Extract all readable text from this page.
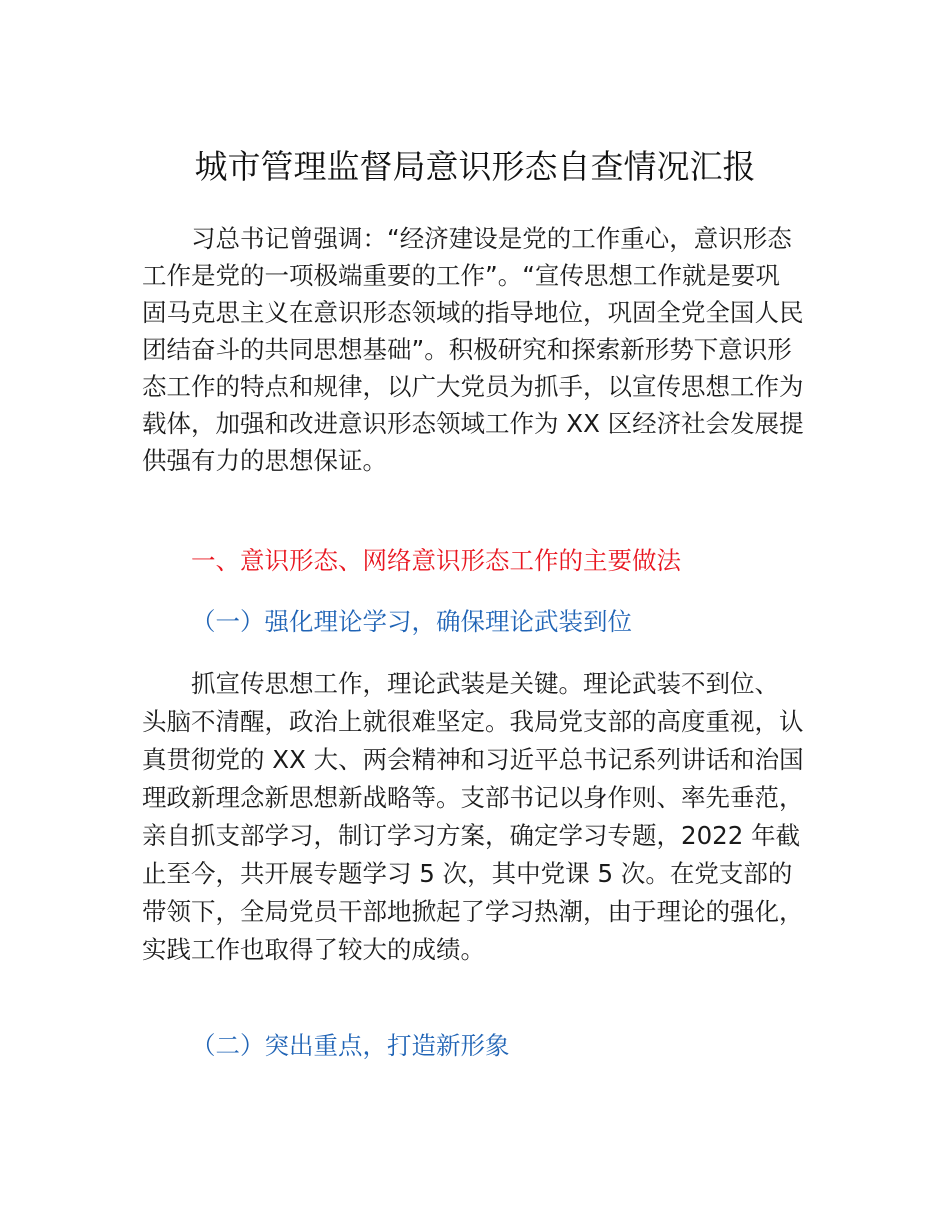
城市管理监督局意识形态自查情况汇报
习总书记曾强调：“经济建设是党的工作重心，意识形态
工作是党的一项极端重要的工作”。“宣传思想工作就是要巩
固马克思主义在意识形态领域的指导地位，巩固全党全国人民
团结奋斗的共同思想基础”。积极研究和探索新形势下意识形
态工作的特点和规律，以广大党员为抓手，以宣传思想工作为
载体，加强和改进意识形态领域工作为 XX 区经济社会发展提
供强有力的思想保证。
一、意识形态、网络意识形态工作的主要做法
（一）强化理论学习，确保理论武装到位
抓宣传思想工作，理论武装是关键。理论武装不到位、
头脑不清醒，政治上就很难坚定。我局党支部的高度重视，认
真贯彻党的 XX 大、两会精神和习近平总书记系列讲话和治国
理政新理念新思想新战略等。支部书记以身作则、率先垂范，
亲自抓支部学习，制订学习方案，确定学习专题，2022 年截
止至今，共开展专题学习 5 次，其中党课 5 次。在党支部的
带领下，全局党员干部地掀起了学习热潮，由于理论的强化，
实践工作也取得了较大的成绩。
（二）突出重点，打造新形象
